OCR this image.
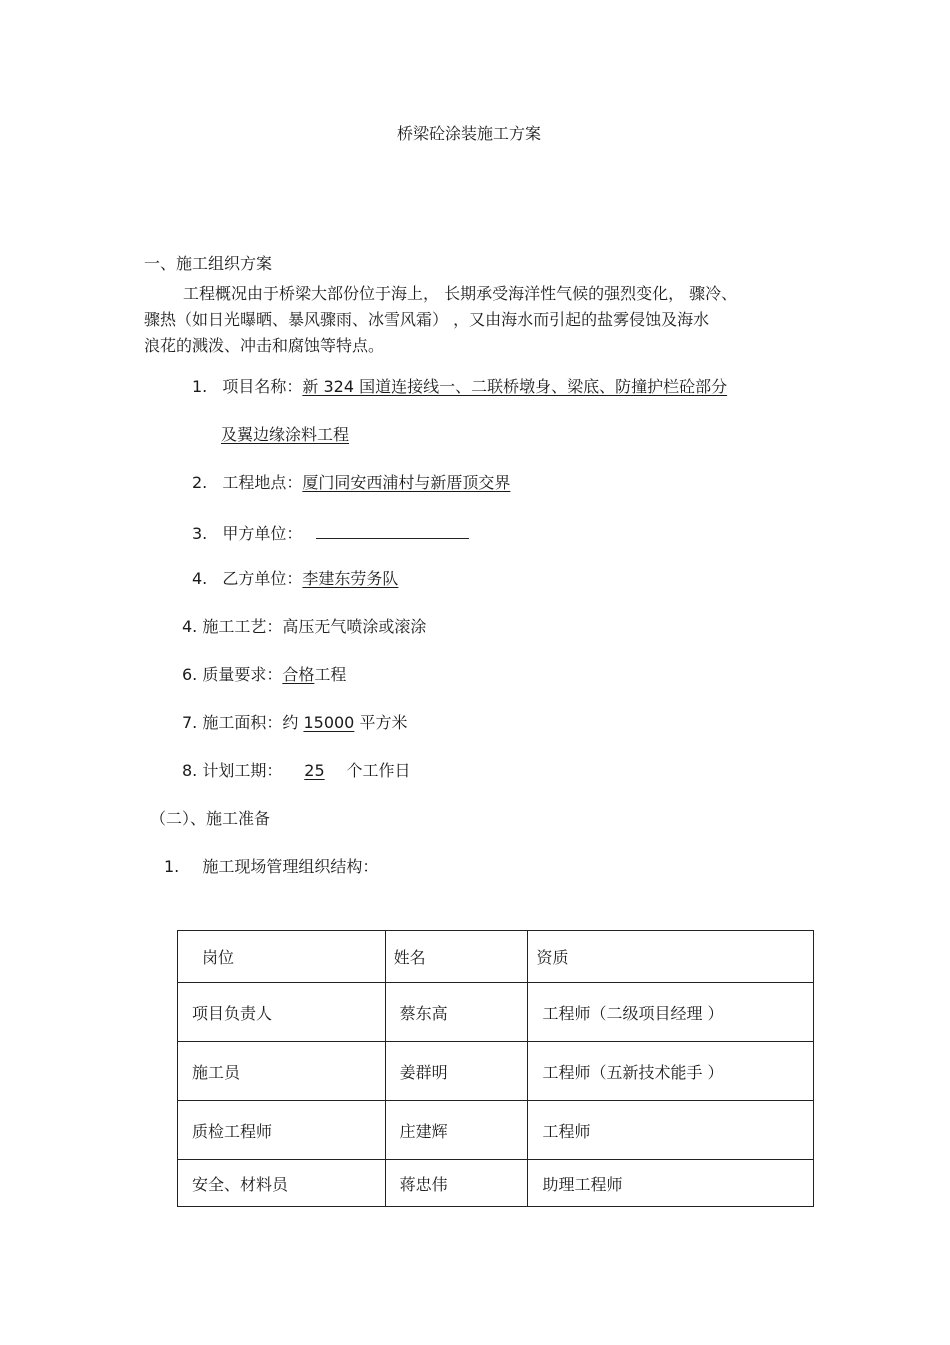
桥梁砼涂装施工方案
一、施工组织方案
工程概况由于桥梁大部份位于海上， 长期承受海洋性气候的强烈变化， 骤冷、
骤热（如日光曝晒、暴风骤雨、冰雪风霜） ，又由海水而引起的盐雾侵蚀及海水
浪花的溅泼、冲击和腐蚀等特点。
1. 项目名称：新 324 国道连接线一、二联桥墩身、梁底、防撞护栏砼部分
及翼边缘涂料工程
2. 工程地点：厦门同安西浦村与新厝顶交界
3. 甲方单位：
4. 乙方单位：李建东劳务队
4. 施工工艺：高压无气喷涂或滚涂
6. 质量要求：合格工程
7. 施工面积：约 15000 平方米
8. 计划工期： 25 个工作日
（二）、施工准备
1. 施工现场管理组织结构：
岗位	姓名	资质
项目负责人	蔡东高	工程师（二级项目经理 ）
施工员	姜群明	工程师（五新技术能手 ）
质检工程师	庄建辉	工程师
安全、材料员	蒋忠伟	助理工程师
